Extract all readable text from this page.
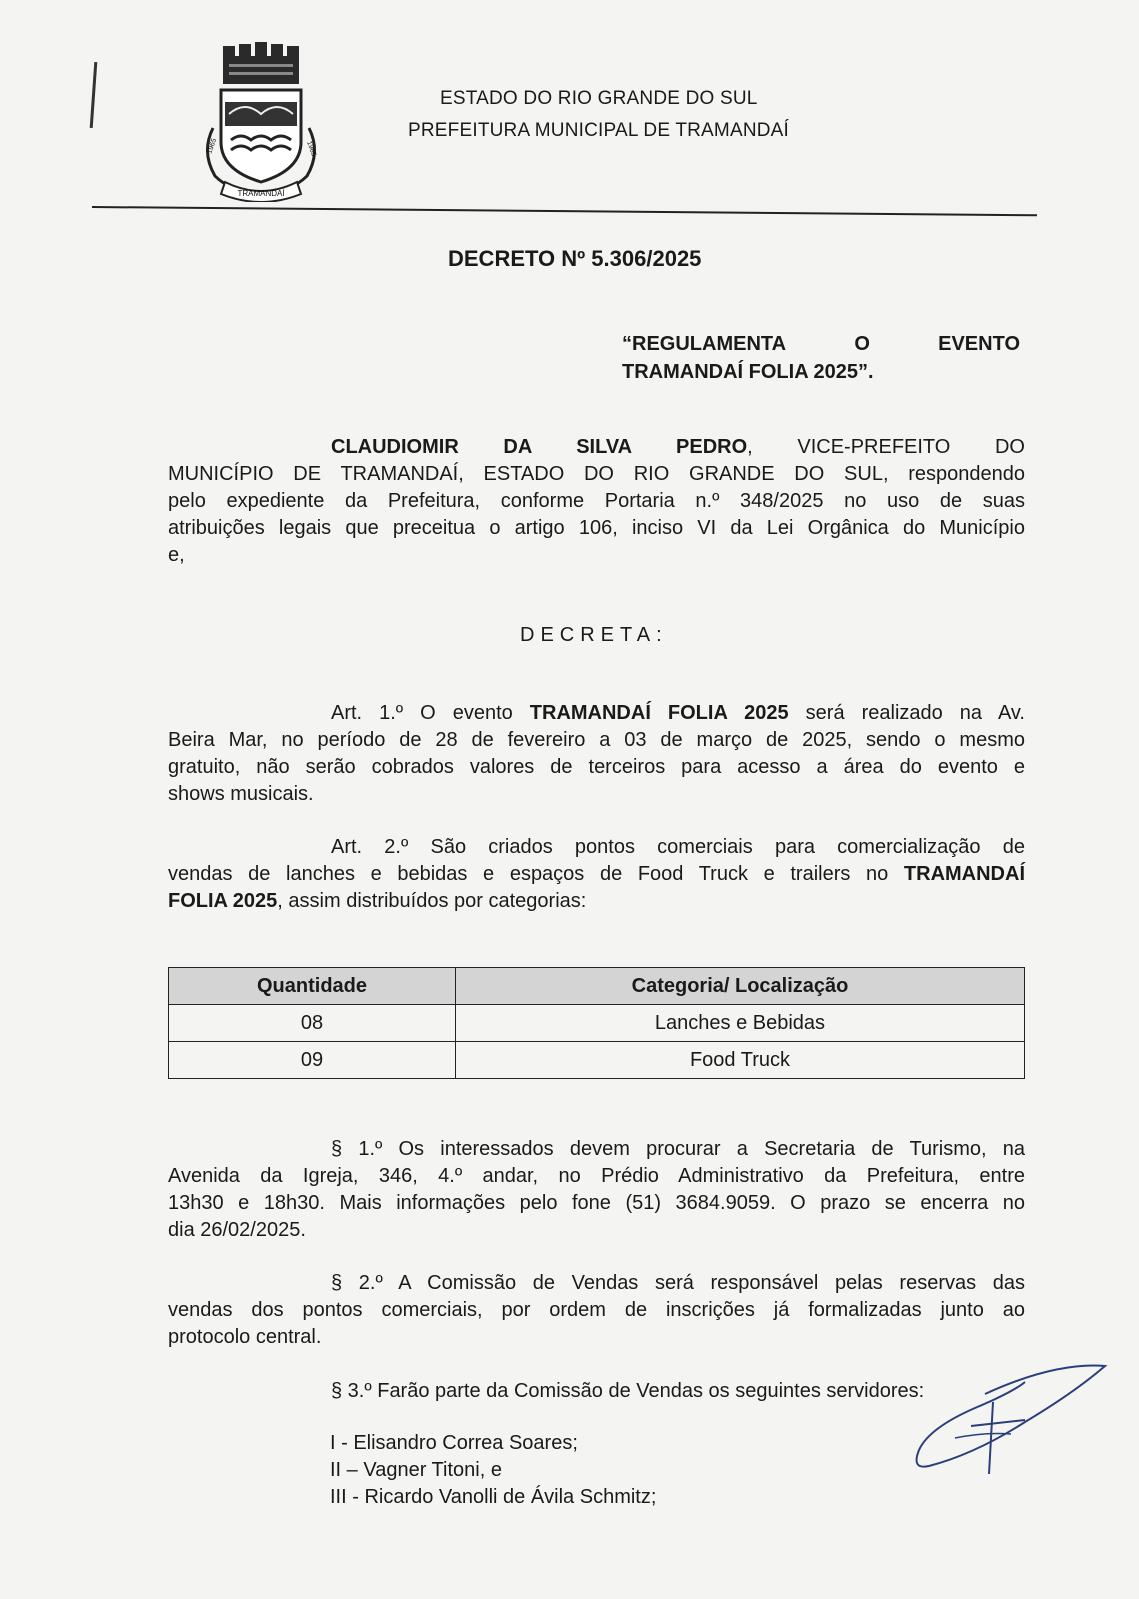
TRAMANDAÍ
1965	1965
ESTADO DO RIO GRANDE DO SUL
PREFEITURA MUNICIPAL DE TRAMANDAÍ
DECRETO Nº 5.306/2025
“REGULAMENTA	O	EVENTO
TRAMANDAÍ FOLIA 2025”.
CLAUDIOMIR DA SILVA PEDRO, VICE-PREFEITO DO
MUNICÍPIO DE TRAMANDAÍ, ESTADO DO RIO GRANDE DO SUL, respondendo
pelo expediente da Prefeitura, conforme Portaria n.º 348/2025 no uso de suas
atribuições legais que preceitua o artigo 106, inciso VI da Lei Orgânica do Município
e,
DECRETA:
Art. 1.º O evento TRAMANDAÍ FOLIA 2025 será realizado na Av.
Beira Mar, no período de 28 de fevereiro a 03 de março de 2025, sendo o mesmo
gratuito, não serão cobrados valores de terceiros para acesso a área do evento e
shows musicais.
Art. 2.º São criados pontos comerciais para comercialização de
vendas de lanches e bebidas e espaços de Food Truck e trailers no TRAMANDAÍ
FOLIA 2025, assim distribuídos por categorias:
Quantidade	Categoria/ Localização
08	Lanches e Bebidas
09	Food Truck
§ 1.º Os interessados devem procurar a Secretaria de Turismo, na
Avenida da Igreja, 346, 4.º andar, no Prédio Administrativo da Prefeitura, entre
13h30 e 18h30. Mais informações pelo fone (51) 3684.9059. O prazo se encerra no
dia 26/02/2025.
§ 2.º A Comissão de Vendas será responsável pelas reservas das
vendas dos pontos comerciais, por ordem de inscrições já formalizadas junto ao
protocolo central.
§ 3.º Farão parte da Comissão de Vendas os seguintes servidores:
I - Elisandro Correa Soares;
II – Vagner Titoni, e
III - Ricardo Vanolli de Ávila Schmitz;
